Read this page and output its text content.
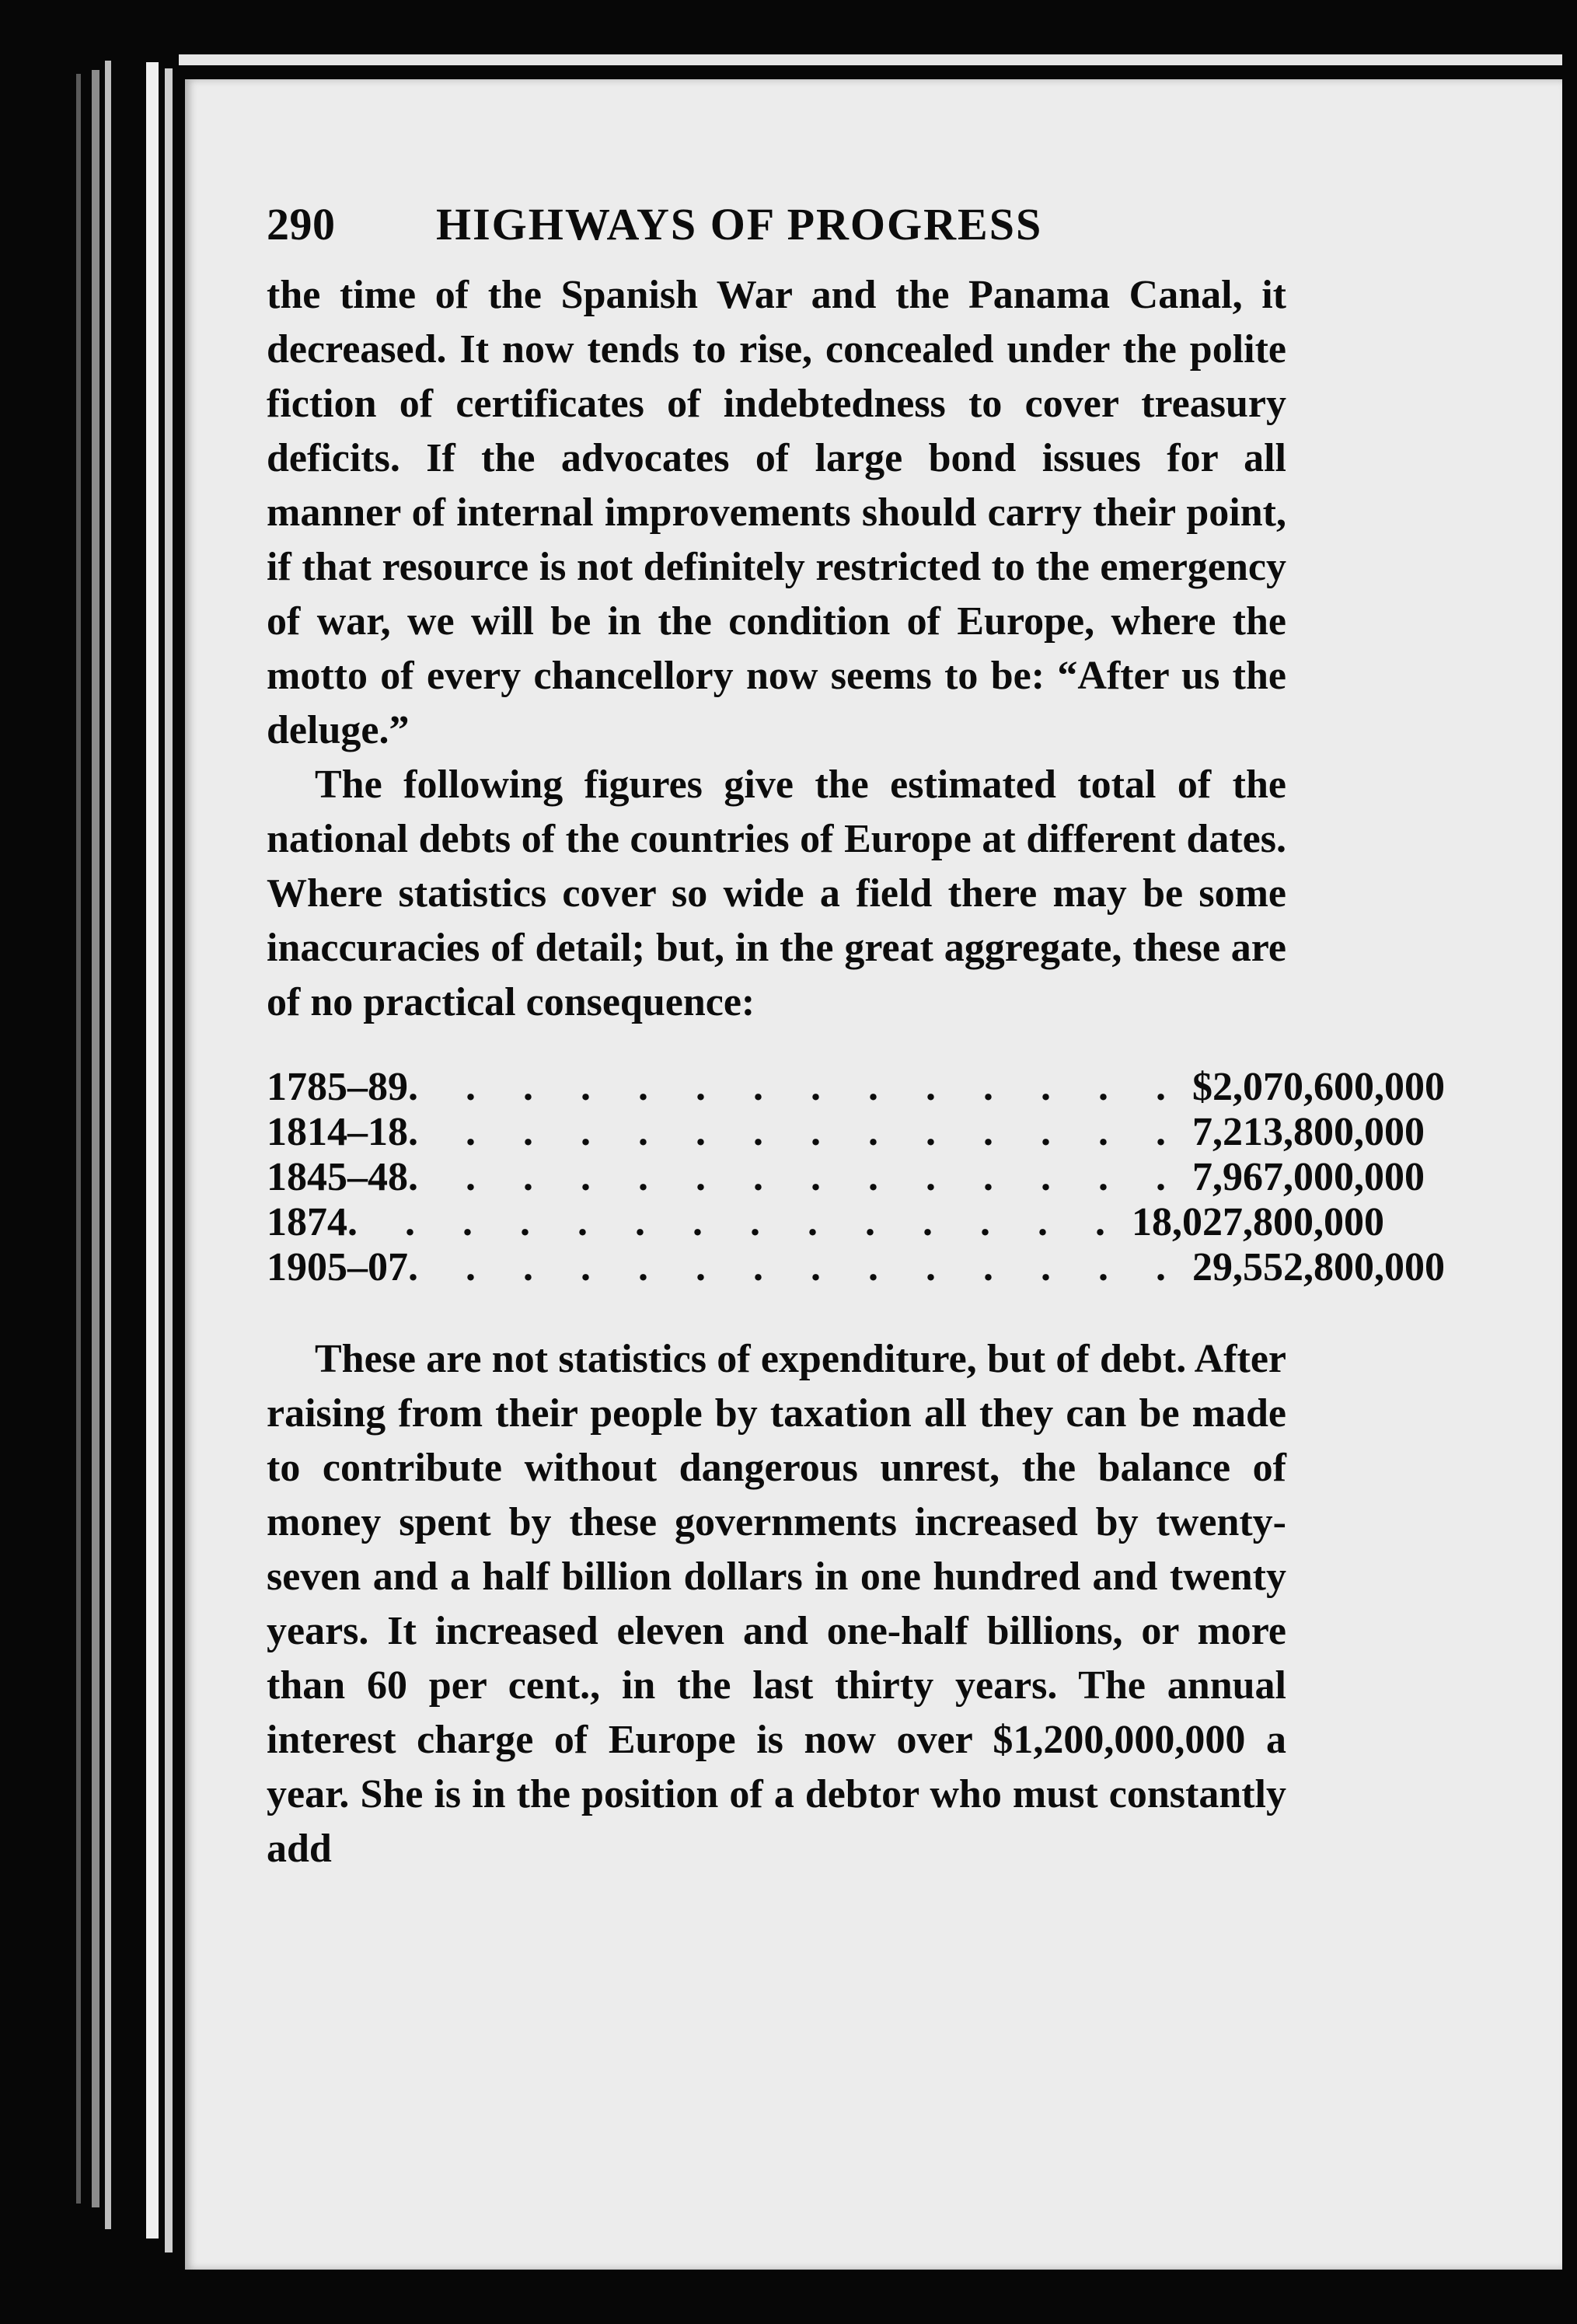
290	HIGHWAYS OF PROGRESS

the time of the Spanish War and the Panama Canal, it decreased. It now tends to rise, concealed under the polite fiction of certificates of indebtedness to cover treasury deficits. If the advocates of large bond issues for all manner of internal improvements should carry their point, if that resource is not definitely restricted to the emergency of war, we will be in the condition of Europe, where the motto of every chancellory now seems to be: “After us the deluge.”

The following figures give the estimated total of the national debts of the countries of Europe at different dates. Where statistics cover so wide a field there may be some inaccuracies of detail; but, in the great aggregate, these are of no practical consequence:

1785–89 . . . . . . . . . . . . . . $2,070,600,000
1814–18 . . . . . . . . . . . . . . 7,213,800,000
1845–48 . . . . . . . . . . . . . . 7,967,000,000
1874 . . . . . . . . . . . . . . 18,027,800,000
1905–07 . . . . . . . . . . . . . . 29,552,800,000

These are not statistics of expenditure, but of debt. After raising from their people by taxation all they can be made to contribute without dangerous unrest, the balance of money spent by these governments increased by twenty-seven and a half billion dollars in one hundred and twenty years. It increased eleven and one-half billions, or more than 60 per cent., in the last thirty years. The annual interest charge of Europe is now over $1,200,000,000 a year. She is in the position of a debtor who must constantly add
